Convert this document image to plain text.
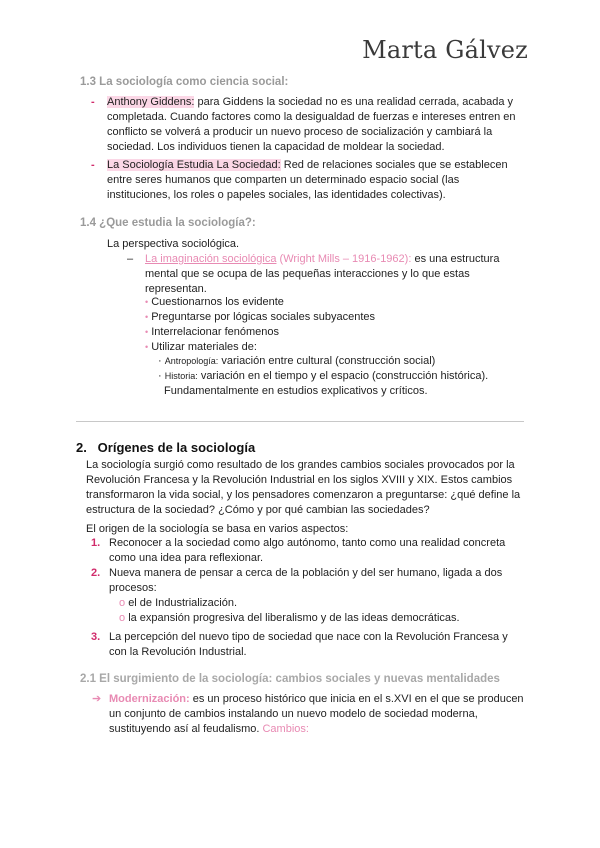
Marta Gálvez
1.3 La sociología como ciencia social:
- Anthony Giddens: para Giddens la sociedad no es una realidad cerrada, acabada y
completada. Cuando factores como la desigualdad de fuerzas e intereses entren en
conflicto se volverá a producir un nuevo proceso de socialización y cambiará la
sociedad. Los individuos tienen la capacidad de moldear la sociedad.
- La Sociología Estudia La Sociedad: Red de relaciones sociales que se establecen
entre seres humanos que comparten un determinado espacio social (las
instituciones, los roles o papeles sociales, las identidades colectivas).
1.4 ¿Que estudia la sociología?:
La perspectiva sociológica.
– La imaginación sociológica (Wright Mills – 1916-1962): es una estructura
mental que se ocupa de las pequeñas interacciones y lo que estas
representan.
• Cuestionarnos los evidente
• Preguntarse por lógicas sociales subyacentes
• Interrelacionar fenómenos
• Utilizar materiales de:
· Antropología: variación entre cultural (construcción social)
· Historia: variación en el tiempo y el espacio (construcción histórica).
Fundamentalmente en estudios explicativos y críticos.
2.   Orígenes de la sociología
La sociología surgió como resultado de los grandes cambios sociales provocados por la
Revolución Francesa y la Revolución Industrial en los siglos XVIII y XIX. Estos cambios
transformaron la vida social, y los pensadores comenzaron a preguntarse: ¿qué define la
estructura de la sociedad? ¿Cómo y por qué cambian las sociedades?
El origen de la sociología se basa en varios aspectos:
1. Reconocer a la sociedad como algo autónomo, tanto como una realidad concreta
como una idea para reflexionar.
2. Nueva manera de pensar a cerca de la población y del ser humano, ligada a dos
procesos:
o el de Industrialización.
o la expansión progresiva del liberalismo y de las ideas democráticas.
3. La percepción del nuevo tipo de sociedad que nace con la Revolución Francesa y
con la Revolución Industrial.
2.1 El surgimiento de la sociología: cambios sociales y nuevas mentalidades
➔ Modernización: es un proceso histórico que inicia en el s.XVI en el que se producen
un conjunto de cambios instalando un nuevo modelo de sociedad moderna,
sustituyendo así al feudalismo. Cambios:
